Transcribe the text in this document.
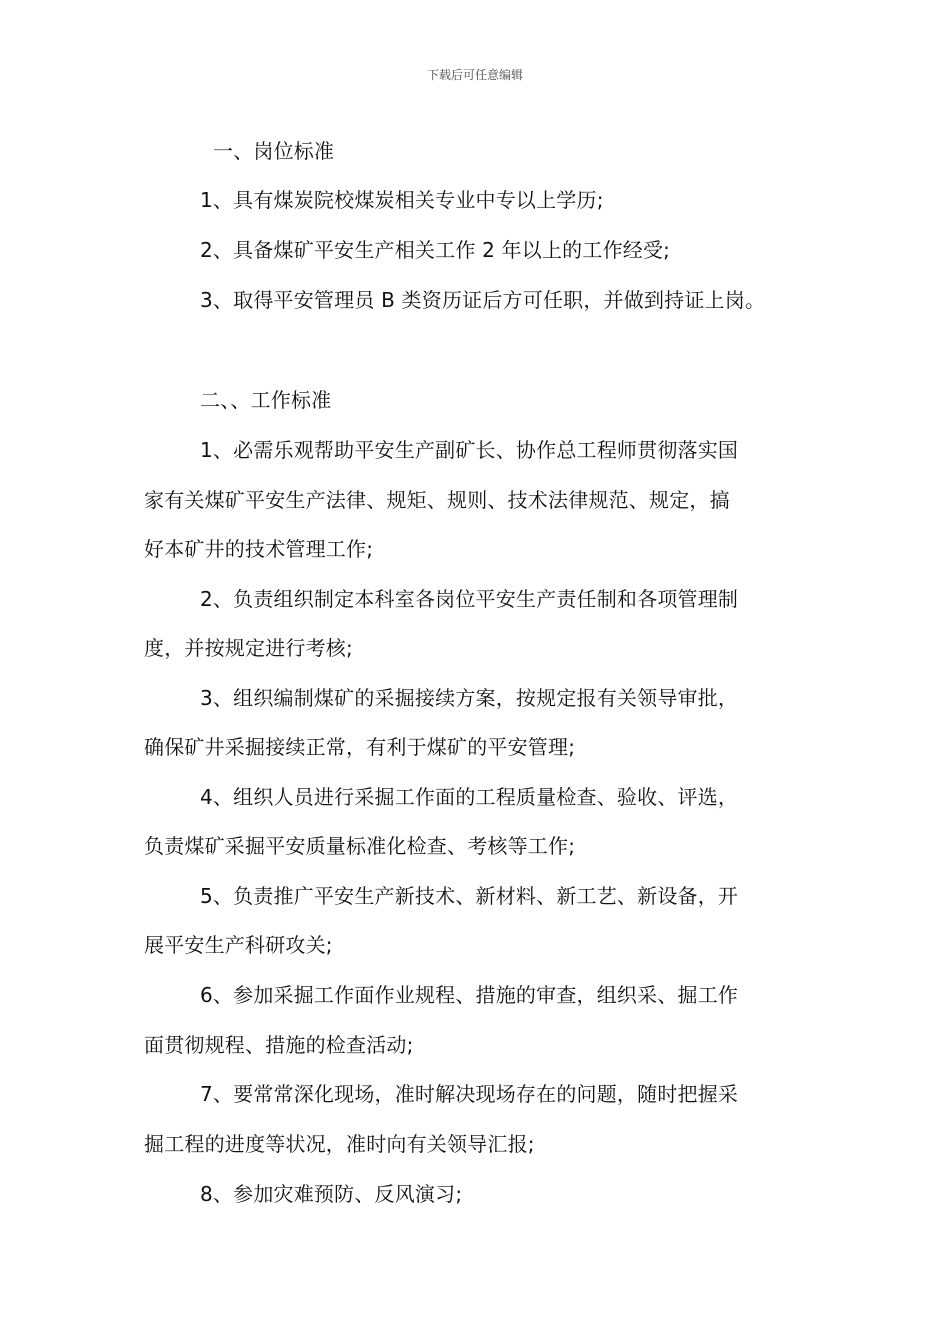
下载后可任意编辑
一、岗位标准
1、具有煤炭院校煤炭相关专业中专以上学历;
2、具备煤矿平安生产相关工作 2 年以上的工作经受;
3、取得平安管理员 B 类资历证后方可任职，并做到持证上岗。
二、、工作标准
1、必需乐观帮助平安生产副矿长、协作总工程师贯彻落实国
家有关煤矿平安生产法律、规矩、规则、技术法律规范、规定，搞
好本矿井的技术管理工作;
2、负责组织制定本科室各岗位平安生产责任制和各项管理制
度，并按规定进行考核;
3、组织编制煤矿的采掘接续方案，按规定报有关领导审批，
确保矿井采掘接续正常，有利于煤矿的平安管理;
4、组织人员进行采掘工作面的工程质量检查、验收、评选，
负责煤矿采掘平安质量标准化检查、考核等工作;
5、负责推广平安生产新技术、新材料、新工艺、新设备，开
展平安生产科研攻关;
6、参加采掘工作面作业规程、措施的审查，组织采、掘工作
面贯彻规程、措施的检查活动;
7、要常常深化现场，准时解决现场存在的问题，随时把握采
掘工程的进度等状况，准时向有关领导汇报;
8、参加灾难预防、反风演习;
